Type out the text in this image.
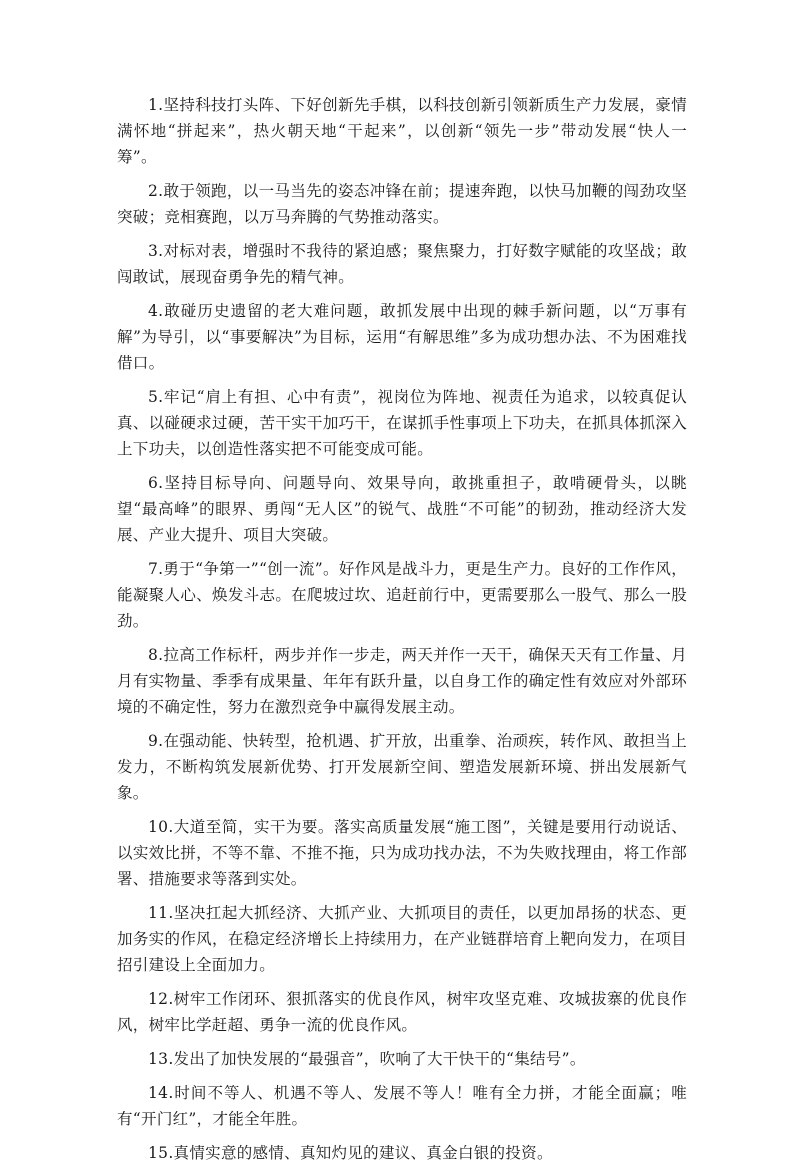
1.坚持科技打头阵、下好创新先手棋，以科技创新引领新质生产力发展，豪情满怀地“拼起来”，热火朝天地“干起来”，以创新“领先一步”带动发展“快人一筹”。

2.敢于领跑，以一马当先的姿态冲锋在前；提速奔跑，以快马加鞭的闯劲攻坚突破；竞相赛跑，以万马奔腾的气势推动落实。

3.对标对表，增强时不我待的紧迫感；聚焦聚力，打好数字赋能的攻坚战；敢闯敢试，展现奋勇争先的精气神。

4.敢碰历史遗留的老大难问题，敢抓发展中出现的棘手新问题，以“万事有解”为导引，以“事要解决”为目标，运用“有解思维”多为成功想办法、不为困难找借口。

5.牢记“肩上有担、心中有责”，视岗位为阵地、视责任为追求，以较真促认真、以碰硬求过硬，苦干实干加巧干，在谋抓手性事项上下功夫，在抓具体抓深入上下功夫，以创造性落实把不可能变成可能。

6.坚持目标导向、问题导向、效果导向，敢挑重担子，敢啃硬骨头，以眺望“最高峰”的眼界、勇闯“无人区”的锐气、战胜“不可能”的韧劲，推动经济大发展、产业大提升、项目大突破。

7.勇于“争第一”“创一流”。好作风是战斗力，更是生产力。良好的工作作风，能凝聚人心、焕发斗志。在爬坡过坎、追赶前行中，更需要那么一股气、那么一股劲。

8.拉高工作标杆，两步并作一步走，两天并作一天干，确保天天有工作量、月月有实物量、季季有成果量、年年有跃升量，以自身工作的确定性有效应对外部环境的不确定性，努力在激烈竞争中赢得发展主动。

9.在强动能、快转型，抢机遇、扩开放，出重拳、治顽疾，转作风、敢担当上发力，不断构筑发展新优势、打开发展新空间、塑造发展新环境、拼出发展新气象。

10.大道至简，实干为要。落实高质量发展“施工图”，关键是要用行动说话、以实效比拼，不等不靠、不推不拖，只为成功找办法，不为失败找理由，将工作部署、措施要求等落到实处。

11.坚决扛起大抓经济、大抓产业、大抓项目的责任，以更加昂扬的状态、更加务实的作风，在稳定经济增长上持续用力，在产业链群培育上靶向发力，在项目招引建设上全面加力。

12.树牢工作闭环、狠抓落实的优良作风，树牢攻坚克难、攻城拔寨的优良作风，树牢比学赶超、勇争一流的优良作风。

13.发出了加快发展的“最强音”，吹响了大干快干的“集结号”。

14.时间不等人、机遇不等人、发展不等人！唯有全力拼，才能全面赢；唯有“开门红”，才能全年胜。

15.真情实意的感情、真知灼见的建议、真金白银的投资。
